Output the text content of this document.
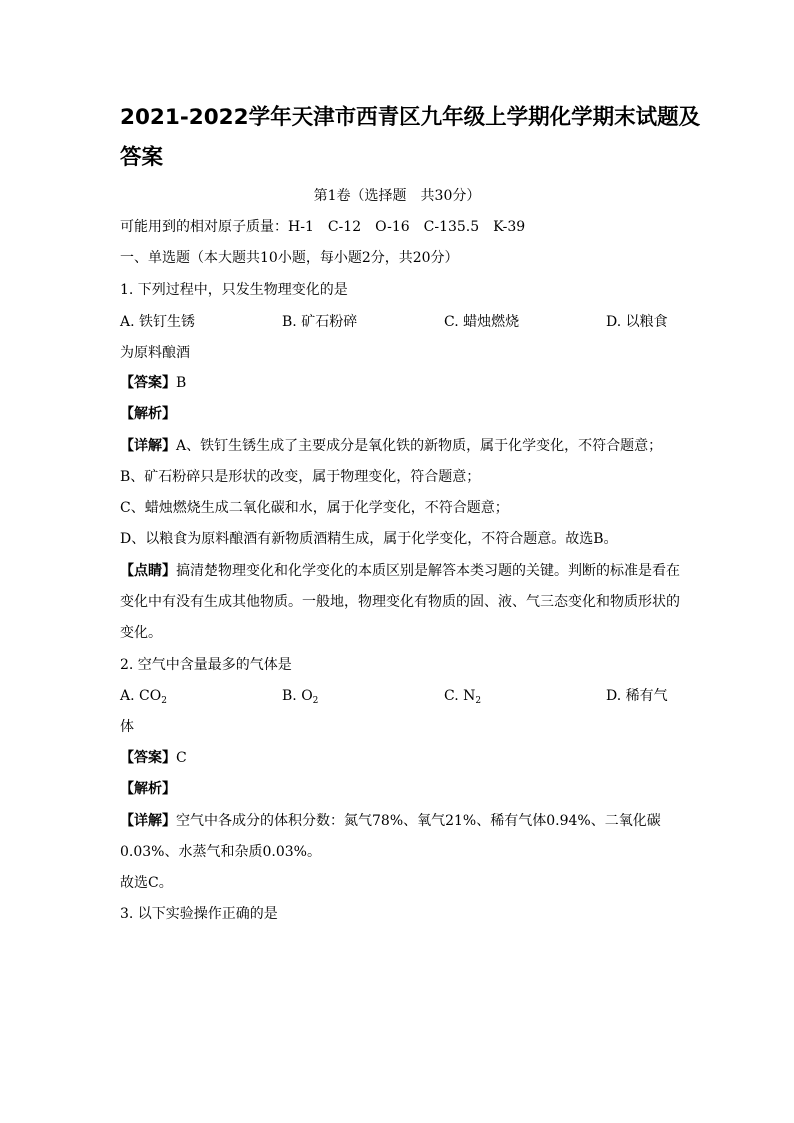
2021-2022学年天津市西青区九年级上学期化学期末试题及
答案
第1卷（选择题　共30分）
可能用到的相对原子质量：H-1　C-12　O-16　C-135.5　K-39
一、单选题（本大题共10小题，每小题2分，共20分）
1. 下列过程中，只发生物理变化的是
A. 铁钉生锈	B. 矿石粉碎	C. 蜡烛燃烧	D. 以粮食
为原料酿酒
【答案】B
【解析】
【详解】A、铁钉生锈生成了主要成分是氧化铁的新物质，属于化学变化，不符合题意；
B、矿石粉碎只是形状的改变，属于物理变化，符合题意；
C、蜡烛燃烧生成二氧化碳和水，属于化学变化，不符合题意；
D、以粮食为原料酿酒有新物质酒精生成，属于化学变化，不符合题意。故选B。
【点睛】搞清楚物理变化和化学变化的本质区别是解答本类习题的关键。判断的标准是看在
变化中有没有生成其他物质。一般地，物理变化有物质的固、液、气三态变化和物质形状的
变化。
2. 空气中含量最多的气体是
A. $CO_2$	B. $O_2$	C. $N_2$	D. 稀有气
体
【答案】C
【解析】
【详解】空气中各成分的体积分数：氮气78%、氧气21%、稀有气体0.94%、二氧化碳
0.03%、水蒸气和杂质0.03%。
故选C。
3. 以下实验操作正确的是
